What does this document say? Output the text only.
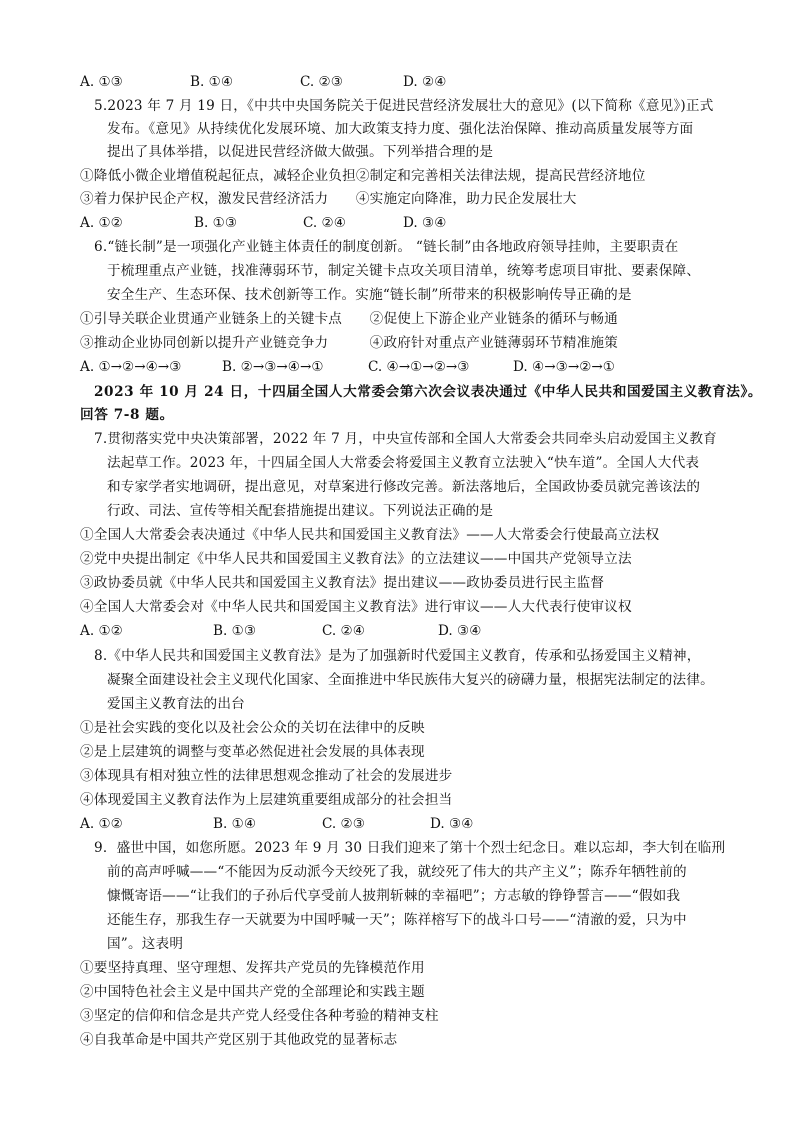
A. ①③	B. ①④	C. ②③	D. ②④
5.2023 年 7 月 19 日，《中共中央国务院关于促进民营经济发展壮大的意见》(以下简称《意见》)正式
发布。《意见》从持续优化发展环境、加大政策支持力度、强化法治保障、推动高质量发展等方面
提出了具体举措，以促进民营经济做大做强。下列举措合理的是
①降低小微企业增值税起征点，减轻企业负担②制定和完善相关法律法规，提高民营经济地位
③着力保护民企产权，激发民营经济活力　　④实施定向降准，助力民企发展壮大
A. ①②	B. ①③	C. ②④	D. ③④
6.“链长制”是一项强化产业链主体责任的制度创新。 “链长制”由各地政府领导挂帅，主要职责在
于梳理重点产业链，找准薄弱环节，制定关键卡点攻关项目清单，统筹考虑项目审批、要素保障、
安全生产、生态环保、技术创新等工作。实施“链长制”所带来的积极影响传导正确的是
①引导关联企业贯通产业链条上的关键卡点　　②促使上下游企业产业链条的循环与畅通
③推动企业协同创新以提升产业链竞争力　　　④政府针对重点产业链薄弱环节精准施策
A. ①→②→④→③	B. ②→③→④→①	C. ④→①→②→③	D. ④→③→②→①
2023 年 10 月 24 日，十四届全国人大常委会第六次会议表决通过《中华人民共和国爱国主义教育法》。
回答 7-8 题。
7.贯彻落实党中央决策部署，2022 年 7 月，中央宣传部和全国人大常委会共同牵头启动爱国主义教育
法起草工作。2023 年，十四届全国人大常委会将爱国主义教育立法驶入“快车道”。全国人大代表
和专家学者实地调研，提出意见，对草案进行修改完善。新法落地后，全国政协委员就完善该法的
行政、司法、宣传等相关配套措施提出建议。下列说法正确的是
①全国人大常委会表决通过《中华人民共和国爱国主义教育法》——人大常委会行使最高立法权
②党中央提出制定《中华人民共和国爱国主义教育法》的立法建议——中国共产党领导立法
③政协委员就《中华人民共和国爱国主义教育法》提出建议——政协委员进行民主监督
④全国人大常委会对《中华人民共和国爱国主义教育法》进行审议——人大代表行使审议权
A. ①②	B. ①③	C. ②④	D. ③④
8.《中华人民共和国爱国主义教育法》是为了加强新时代爱国主义教育，传承和弘扬爱国主义精神，
凝聚全面建设社会主义现代化国家、全面推进中华民族伟大复兴的磅礴力量，根据宪法制定的法律。
爱国主义教育法的出台
①是社会实践的变化以及社会公众的关切在法律中的反映
②是上层建筑的调整与变革必然促进社会发展的具体表现
③体现具有相对独立性的法律思想观念推动了社会的发展进步
④体现爱国主义教育法作为上层建筑重要组成部分的社会担当
A. ①②	B. ①④	C. ②③	D. ③④
9．盛世中国，如您所愿。2023 年 9 月 30 日我们迎来了第十个烈士纪念日。难以忘却，李大钊在临刑
前的高声呼喊——“不能因为反动派今天绞死了我，就绞死了伟大的共产主义”；陈乔年牺牲前的
慷慨寄语——“让我们的子孙后代享受前人披荆斩棘的幸福吧”；方志敏的铮铮誓言——“假如我
还能生存，那我生存一天就要为中国呼喊一天”；陈祥榕写下的战斗口号——“清澈的爱，只为中
国”。这表明
①要坚持真理、坚守理想、发挥共产党员的先锋模范作用
②中国特色社会主义是中国共产党的全部理论和实践主题
③坚定的信仰和信念是共产党人经受住各种考验的精神支柱
④自我革命是中国共产党区别于其他政党的显著标志
